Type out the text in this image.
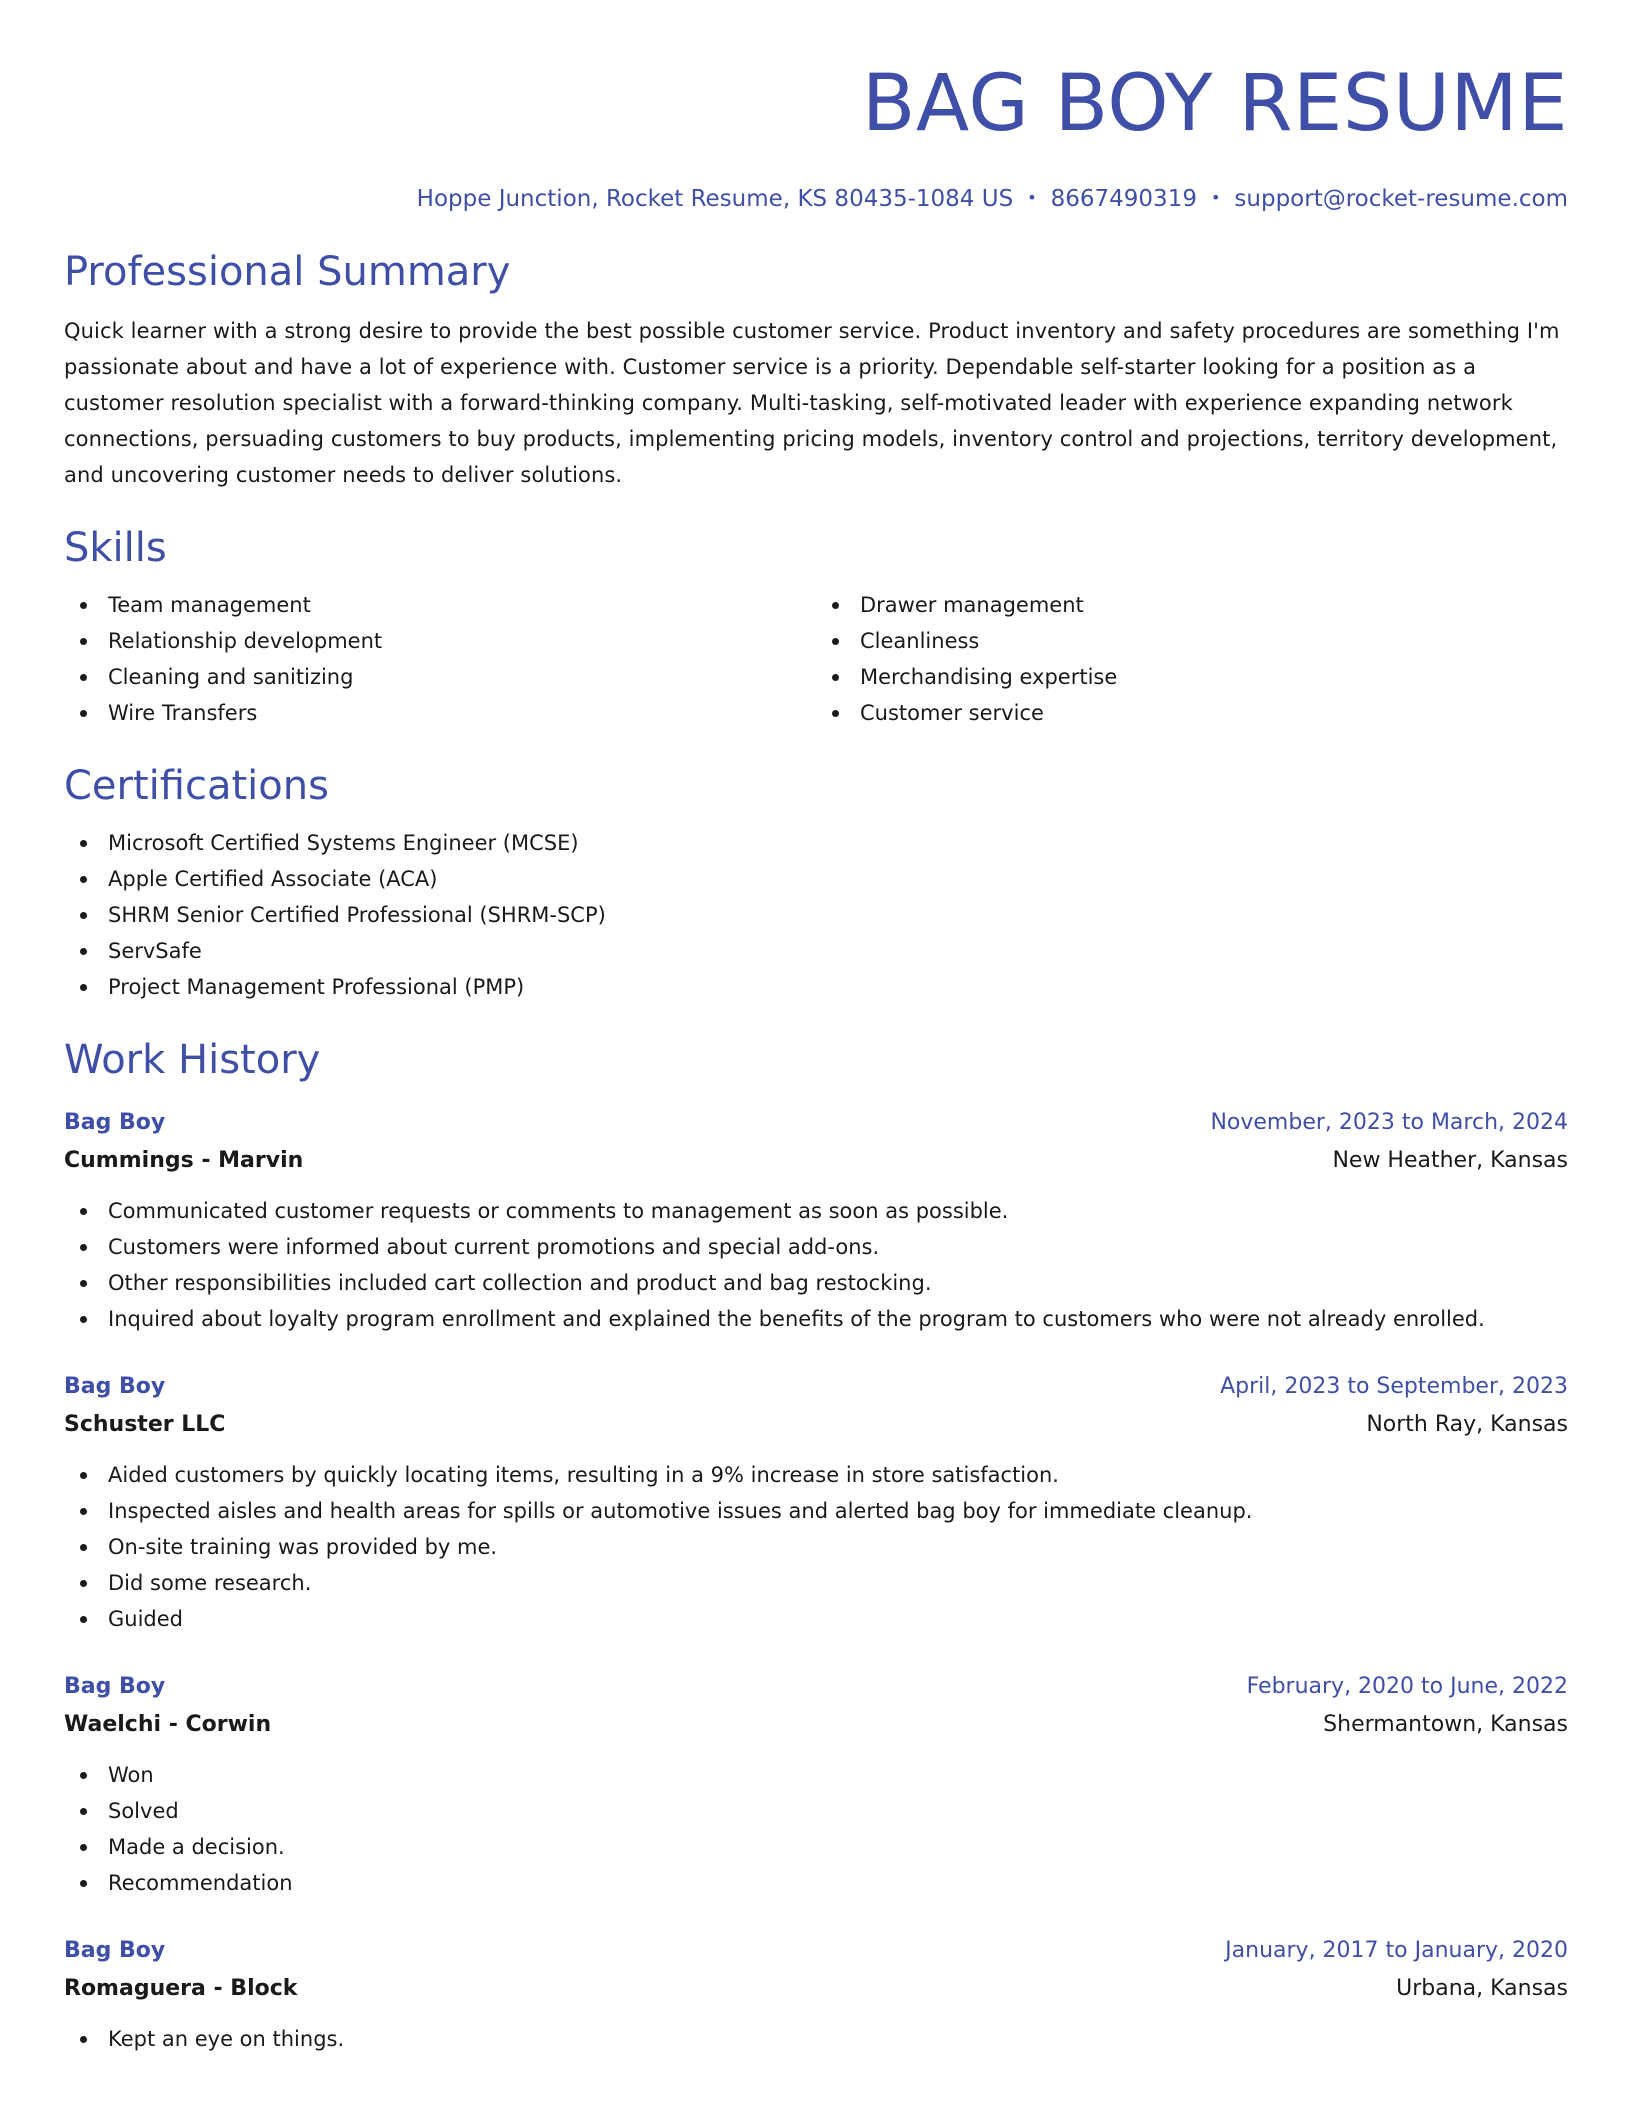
BAG BOY RESUME
Hoppe Junction, Rocket Resume, KS 80435-1084 US • 8667490319 • support@rocket-resume.com
Professional Summary

Quick learner with a strong desire to provide the best possible customer service. Product inventory and safety procedures are something I'm passionate about and have a lot of experience with. Customer service is a priority. Dependable self-starter looking for a position as a customer resolution specialist with a forward-thinking company. Multi-tasking, self-motivated leader with experience expanding network connections, persuading customers to buy products, implementing pricing models, inventory control and projections, territory development, and uncovering customer needs to deliver solutions.

Skills
Team management
Relationship development
Cleaning and sanitizing
Wire Transfers
Drawer management
Cleanliness
Merchandising expertise
Customer service
Certifications
Microsoft Certified Systems Engineer (MCSE)
Apple Certified Associate (ACA)
SHRM Senior Certified Professional (SHRM-SCP)
ServSafe
Project Management Professional (PMP)
Work History
Bag Boy	November, 2023 to March, 2024
Cummings - Marvin	New Heather, Kansas
Communicated customer requests or comments to management as soon as possible.
Customers were informed about current promotions and special add-ons.
Other responsibilities included cart collection and product and bag restocking.
Inquired about loyalty program enrollment and explained the benefits of the program to customers who were not already enrolled.
Bag Boy	April, 2023 to September, 2023
Schuster LLC	North Ray, Kansas
Aided customers by quickly locating items, resulting in a 9% increase in store satisfaction.
Inspected aisles and health areas for spills or automotive issues and alerted bag boy for immediate cleanup.
On-site training was provided by me.
Did some research.
Guided
Bag Boy	February, 2020 to June, 2022
Waelchi - Corwin	Shermantown, Kansas
Won
Solved
Made a decision.
Recommendation
Bag Boy	January, 2017 to January, 2020
Romaguera - Block	Urbana, Kansas
Kept an eye on things.
